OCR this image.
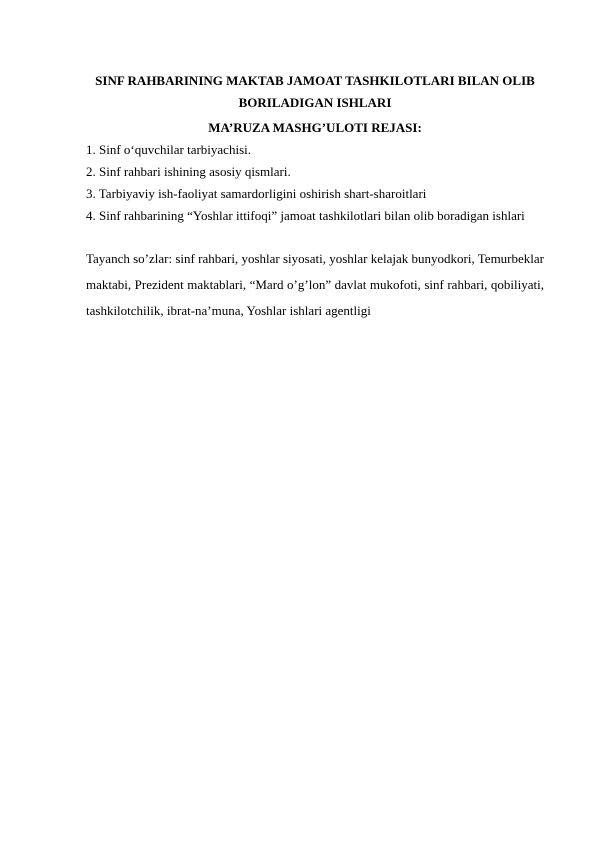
SINF RAHBARINING MAKTAB JAMOAT TASHKILOTLARI BILAN OLIB BORILADIGAN ISHLARI

MA’RUZA MASHG’ULOTI REJASI:

1. Sinf o‘quvchilar tarbiyachisi.
2. Sinf rahbari ishining asosiy qismlari.
3. Tarbiyaviy ish-faoliyat samardorligini oshirish shart-sharoitlari
4. Sinf rahbarining “Yoshlar ittifoqi” jamoat tashkilotlari bilan olib boradigan ishlari

Tayanch so’zlar: sinf rahbari, yoshlar siyosati, yoshlar kelajak bunyodkori, Temurbeklar maktabi, Prezident maktablari, “Mard o’g’lon” davlat mukofoti, sinf rahbari, qobiliyati, tashkilotchilik, ibrat-na’muna, Yoshlar ishlari agentligi
